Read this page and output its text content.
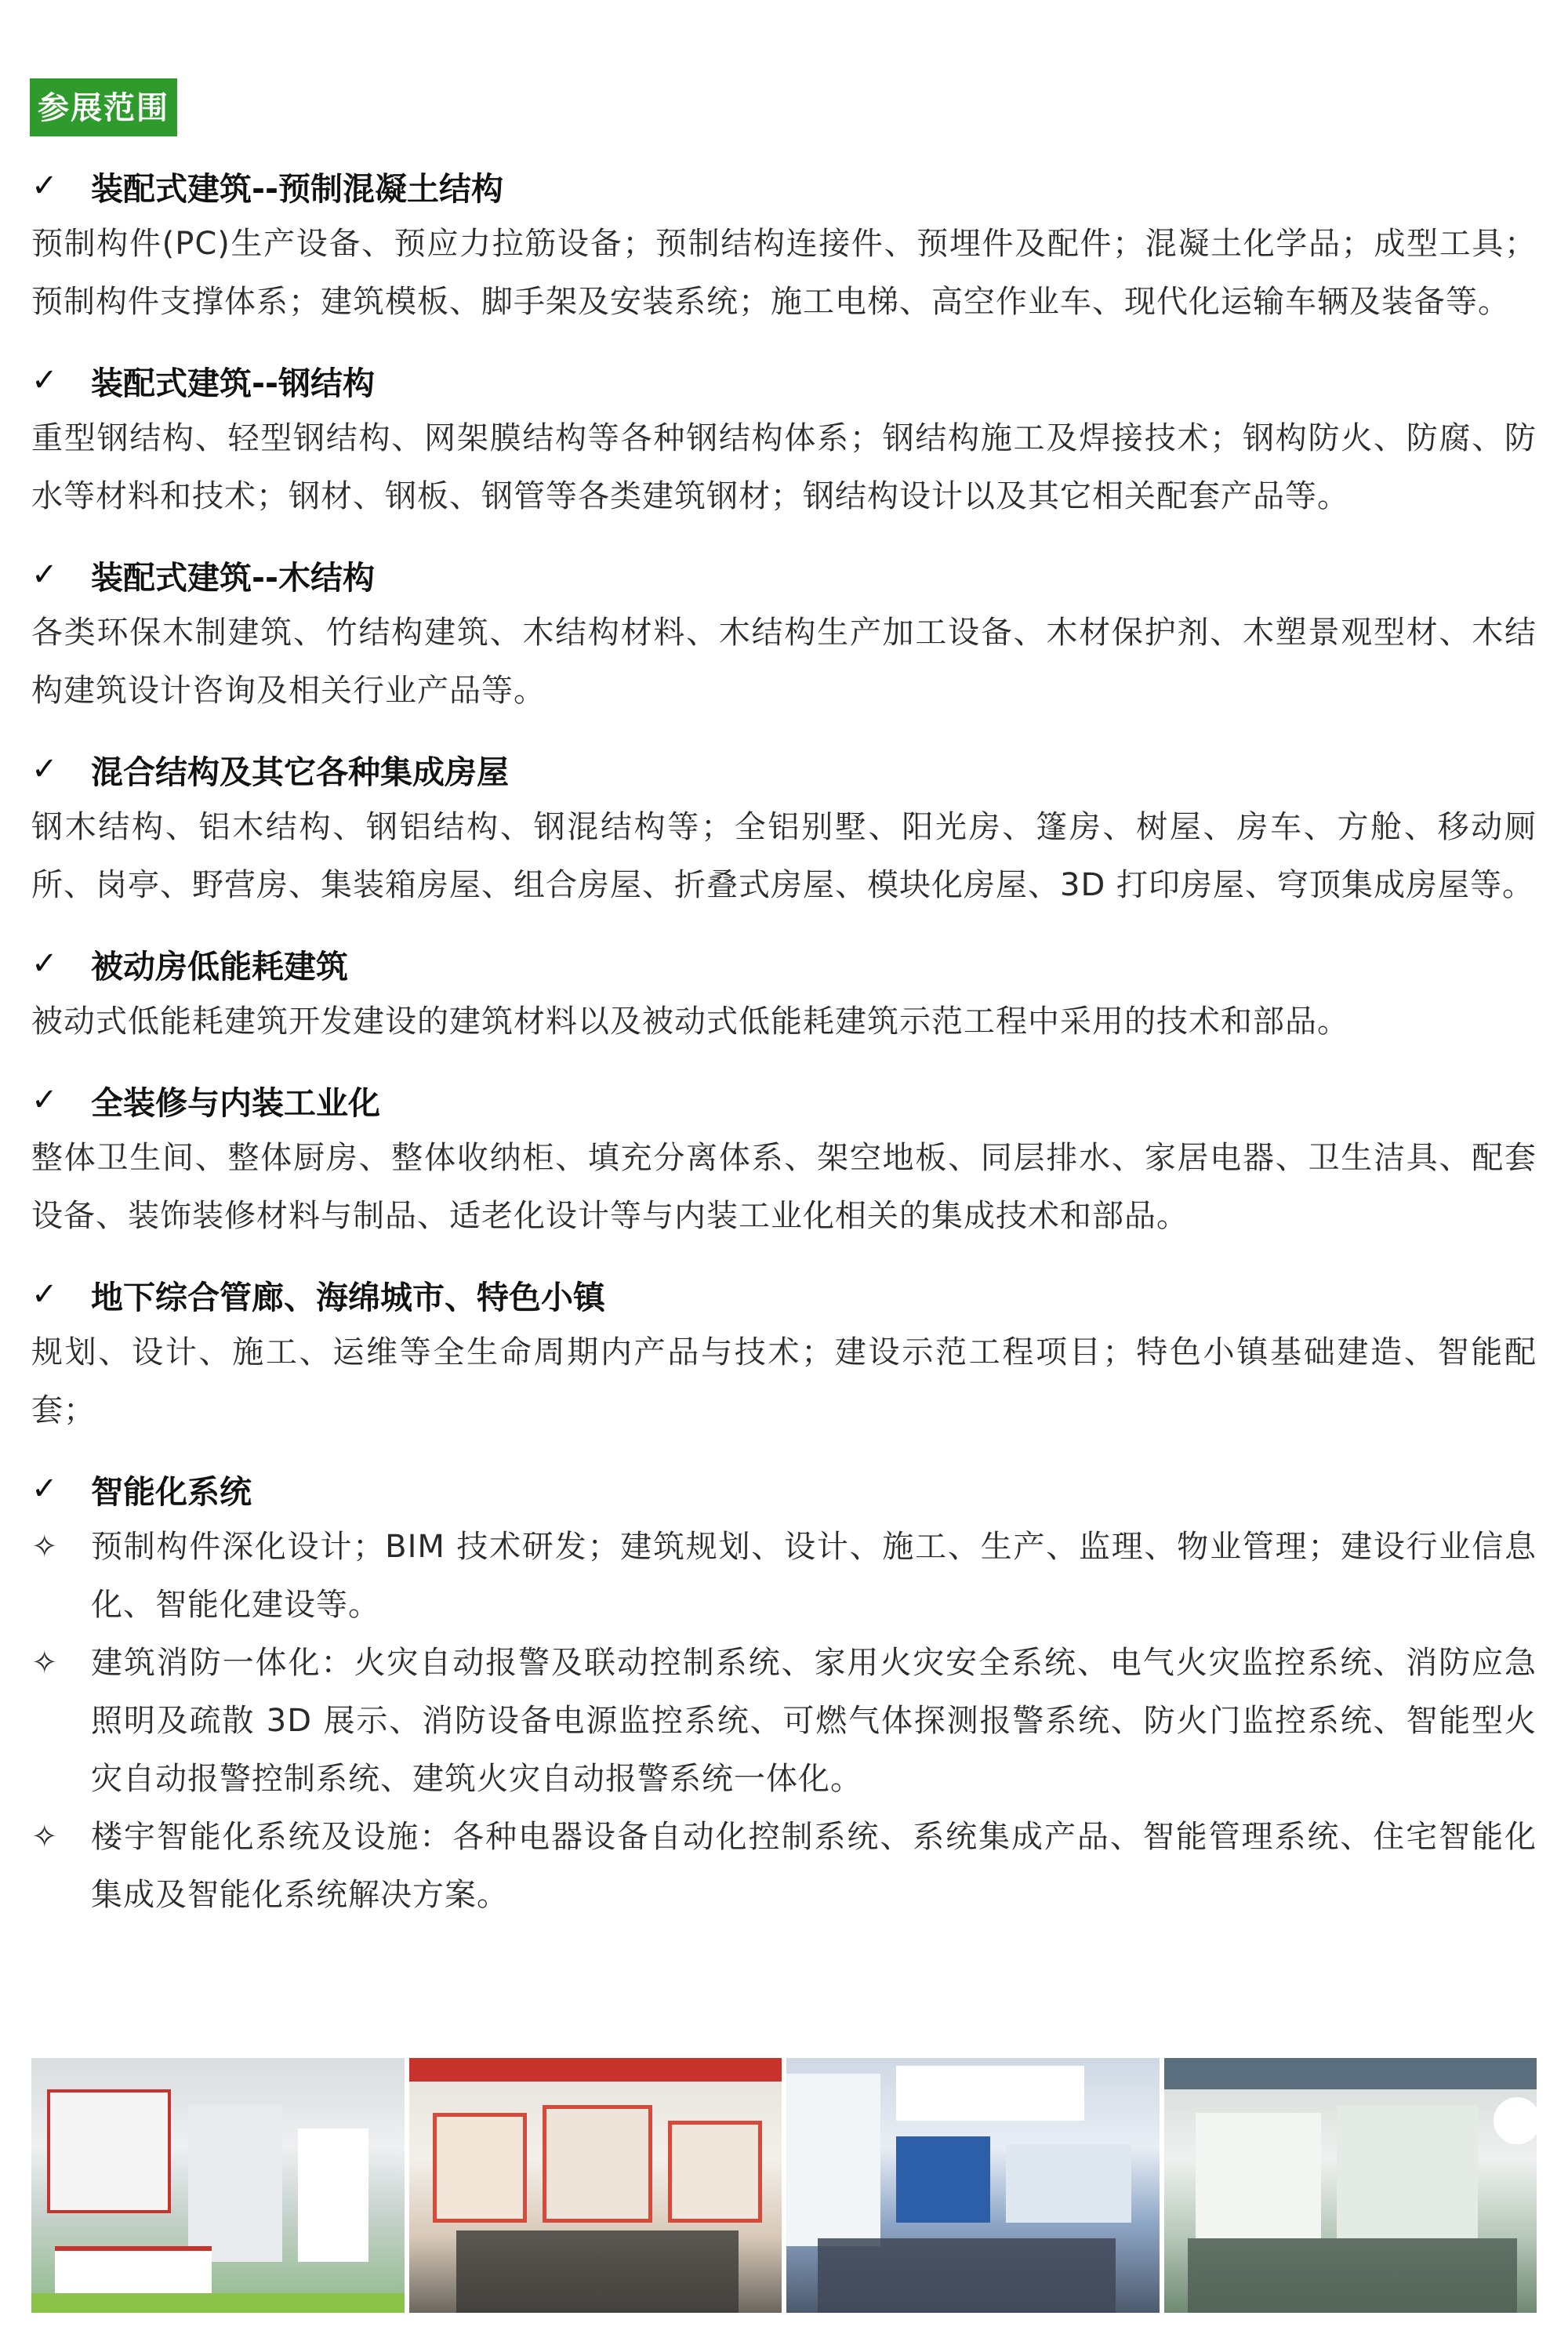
参展范围
✓	装配式建筑--预制混凝土结构
预制构件(PC)生产设备、预应力拉筋设备；预制结构连接件、预埋件及配件；混凝土化学品；成型工具；预制构件支撑体系；建筑模板、脚手架及安装系统；施工电梯、高空作业车、现代化运输车辆及装备等。
✓	装配式建筑--钢结构
重型钢结构、轻型钢结构、网架膜结构等各种钢结构体系；钢结构施工及焊接技术；钢构防火、防腐、防水等材料和技术；钢材、钢板、钢管等各类建筑钢材；钢结构设计以及其它相关配套产品等。
✓	装配式建筑--木结构
各类环保木制建筑、竹结构建筑、木结构材料、木结构生产加工设备、木材保护剂、木塑景观型材、木结构建筑设计咨询及相关行业产品等。
✓	混合结构及其它各种集成房屋
钢木结构、铝木结构、钢铝结构、钢混结构等；全铝别墅、阳光房、篷房、树屋、房车、方舱、移动厕所、岗亭、野营房、集装箱房屋、组合房屋、折叠式房屋、模块化房屋、3D 打印房屋、穹顶集成房屋等。
✓	被动房低能耗建筑
被动式低能耗建筑开发建设的建筑材料以及被动式低能耗建筑示范工程中采用的技术和部品。
✓	全装修与内装工业化
整体卫生间、整体厨房、整体收纳柜、填充分离体系、架空地板、同层排水、家居电器、卫生洁具、配套设备、装饰装修材料与制品、适老化设计等与内装工业化相关的集成技术和部品。
✓	地下综合管廊、海绵城市、特色小镇
规划、设计、施工、运维等全生命周期内产品与技术；建设示范工程项目；特色小镇基础建造、智能配套；
✓	智能化系统
✧	预制构件深化设计；BIM 技术研发；建筑规划、设计、施工、生产、监理、物业管理；建设行业信息化、智能化建设等。
✧	建筑消防一体化：火灾自动报警及联动控制系统、家用火灾安全系统、电气火灾监控系统、消防应急照明及疏散 3D 展示、消防设备电源监控系统、可燃气体探测报警系统、防火门监控系统、智能型火灾自动报警控制系统、建筑火灾自动报警系统一体化。
✧	楼宇智能化系统及设施：各种电器设备自动化控制系统、系统集成产品、智能管理系统、住宅智能化集成及智能化系统解决方案。
